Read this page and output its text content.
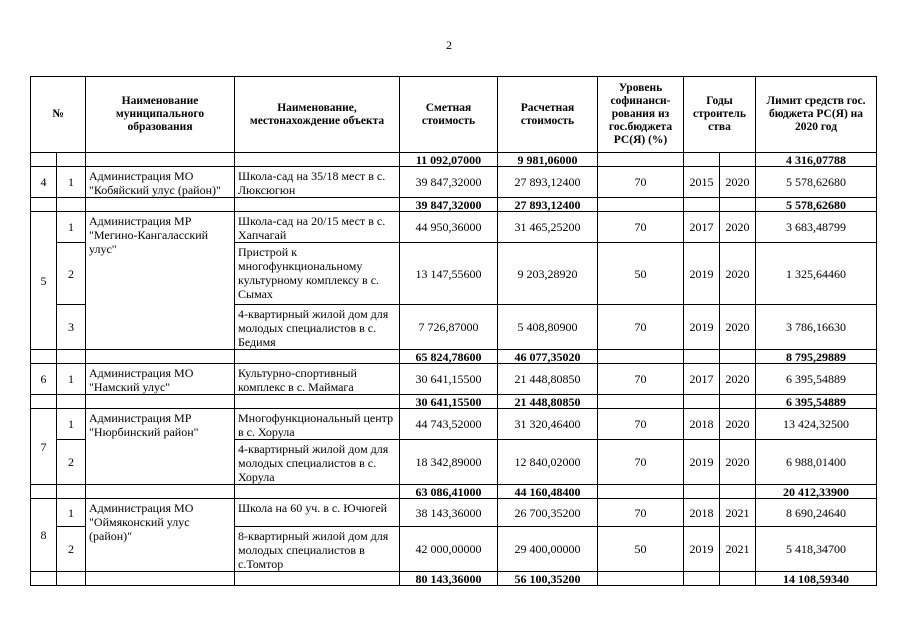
2
№		Наименование муниципального образования	Наименование, местонахождение объекта	Сметная стоимость	Расчетная стоимость	Уровень софинанси-рования из гос.бюджета РС(Я) (%)	Годы строитель ства		Лимит средств гос. бюджета РС(Я) на 2020 год
				11 092,07000	9 981,06000				4 316,07788
4	1	Администрация МО "Кобяйский улус (район)"	Школа-сад на 35/18 мест в с. Люксюгюн	39 847,32000	27 893,12400	70	2015	2020	5 578,62680
				39 847,32000	27 893,12400				5 578,62680
5	1	Администрация МР "Мегино-Кангаласский улус"	Школа-сад на 20/15 мест в с. Хапчагай	44 950,36000	31 465,25200	70	2017	2020	3 683,48799
	2		Пристрой к многофункциональному культурному комплексу в с. Сымах	13 147,55600	9 203,28920	50	2019	2020	1 325,64460
	3		4-квартирный жилой дом для молодых специалистов в с. Бедимя	7 726,87000	5 408,80900	70	2019	2020	3 786,16630
				65 824,78600	46 077,35020				8 795,29889
6	1	Администрация МО "Намский улус"	Культурно-спортивный комплекс в с. Маймага	30 641,15500	21 448,80850	70	2017	2020	6 395,54889
				30 641,15500	21 448,80850				6 395,54889
7	1	Администрация МР "Нюрбинский район"	Многофункциональный центр в с. Хорула	44 743,52000	31 320,46400	70	2018	2020	13 424,32500
	2		4-квартирный жилой дом для молодых специалистов в с. Хорула	18 342,89000	12 840,02000	70	2019	2020	6 988,01400
				63 086,41000	44 160,48400				20 412,33900
8	1	Администрация МО "Оймяконский улус (район)"	Школа на 60 уч. в с. Ючюгей	38 143,36000	26 700,35200	70	2018	2021	8 690,24640
	2		8-квартирный жилой дом для молодых специалистов в с.Томтор	42 000,00000	29 400,00000	50	2019	2021	5 418,34700
				80 143,36000	56 100,35200				14 108,59340
